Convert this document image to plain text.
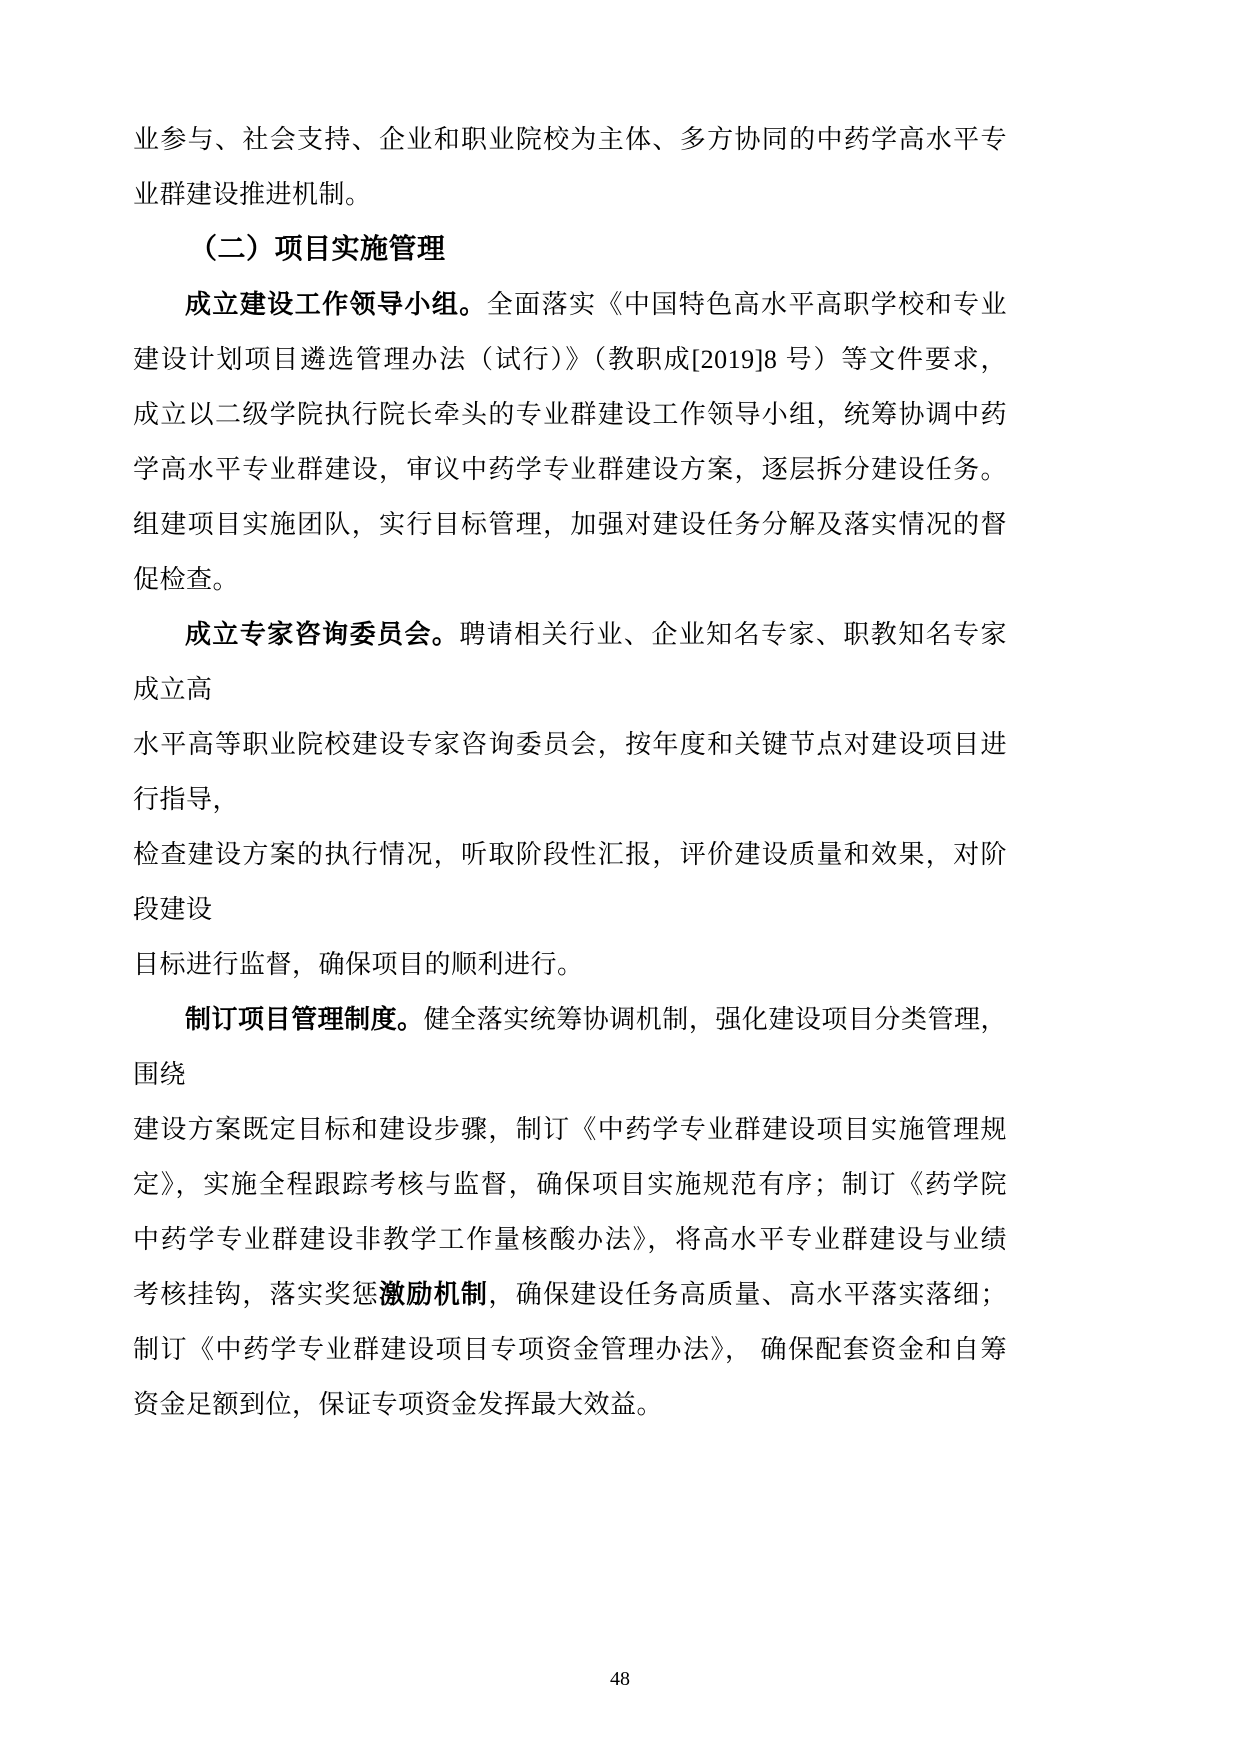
业参与、社会支持、企业和职业院校为主体、多方协同的中药学高水平专
业群建设推进机制。
（二）项目实施管理
成立建设工作领导小组。全面落实《中国特色高水平高职学校和专业
建设计划项目遴选管理办法（试行）》（教职成[2019]8 号）等文件要求，
成立以二级学院执行院长牵头的专业群建设工作领导小组，统筹协调中药
学高水平专业群建设，审议中药学专业群建设方案，逐层拆分建设任务。
组建项目实施团队，实行目标管理，加强对建设任务分解及落实情况的督
促检查。
成立专家咨询委员会。聘请相关行业、企业知名专家、职教知名专家
成立高
水平高等职业院校建设专家咨询委员会，按年度和关键节点对建设项目进
行指导，
检查建设方案的执行情况，听取阶段性汇报，评价建设质量和效果，对阶
段建设
目标进行监督，确保项目的顺利进行。
制订项目管理制度。健全落实统筹协调机制，强化建设项目分类管理，
围绕
建设方案既定目标和建设步骤，制订《中药学专业群建设项目实施管理规
定》，实施全程跟踪考核与监督，确保项目实施规范有序；制订《药学院
中药学专业群建设非教学工作量核酸办法》，将高水平专业群建设与业绩
考核挂钩，落实奖惩激励机制，确保建设任务高质量、高水平落实落细；
制订《中药学专业群建设项目专项资金管理办法》， 确保配套资金和自筹
资金足额到位，保证专项资金发挥最大效益。
48
